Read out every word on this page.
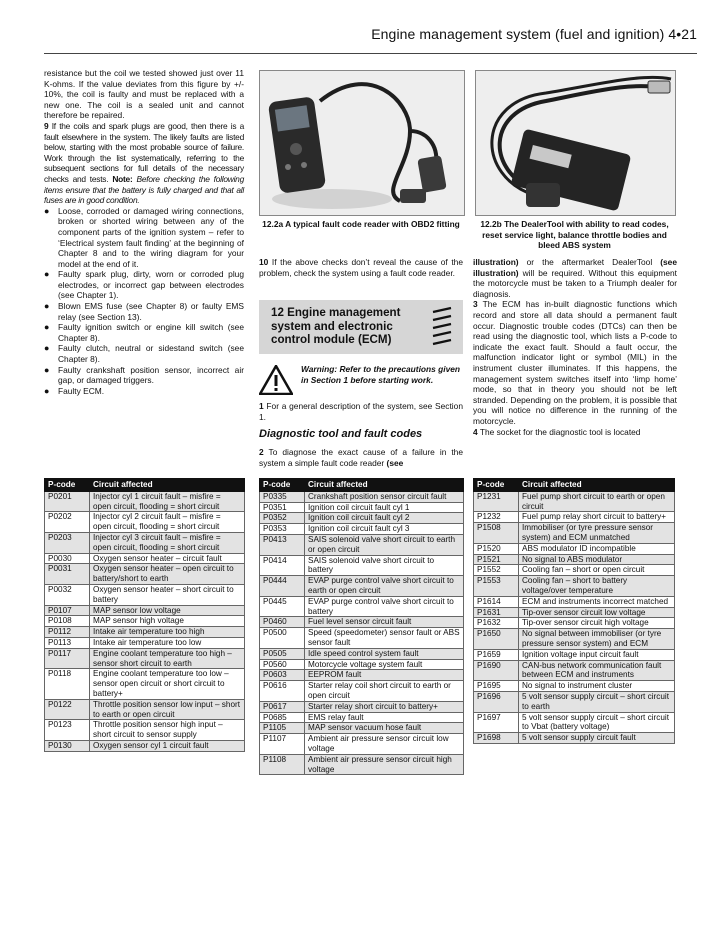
Engine management system (fuel and ignition) 4•21

resistance but the coil we tested showed just over 11 K-ohms. If the value deviates from this figure by +/- 10%, the coil is faulty and must be replaced with a new one. The coil is a sealed unit and cannot therefore be repaired.

9 If the coils and spark plugs are good, then there is a fault elsewhere in the system. The likely faults are listed below, starting with the most probable source of failure. Work through the list systematically, referring to the subsequent sections for full details of the necessary checks and tests. Note: Before checking the following items ensure that the battery is fully charged and that all fuses are in good condition.

●	Loose, corroded or damaged wiring connections, broken or shorted wiring between any of the component parts of the ignition system – refer to ‘Electrical system fault finding’ at the beginning of Chapter 8 and to the wiring diagram for your model at the end of it.
●	Faulty spark plug, dirty, worn or corroded plug electrodes, or incorrect gap between electrodes (see Chapter 1).
●	Blown EMS fuse (see Chapter 8) or faulty EMS relay (see Section 13).
●	Faulty ignition switch or engine kill switch (see Chapter 8).
●	Faulty clutch, neutral or sidestand switch (see Chapter 8).
●	Faulty crankshaft position sensor, incorrect air gap, or damaged triggers.
●	Faulty ECM.
12.2a A typical fault code reader with OBD2 fitting	12.2b The DealerTool with ability to read codes, reset service light, balance throttle bodies and bleed ABS system

10 If the above checks don’t reveal the cause of the problem, check the system using a fault code reader.

12 Engine management system and electronic control module (ECM)
Warning: Refer to the precautions given in Section 1 before starting work.

1 For a general description of the system, see Section 1.

Diagnostic tool and fault codes

2 To diagnose the exact cause of a failure in the system a simple fault code reader (see

illustration) or the aftermarket DealerTool (see illustration) will be required. Without this equipment the motorcycle must be taken to a Triumph dealer for diagnosis.

3 The ECM has in-built diagnostic functions which record and store all data should a permanent fault occur. Diagnostic trouble codes (DTCs) can then be read using the diagnostic tool, which lists a P-code to indicate the exact fault. Should a fault occur, the malfunction indicator light or symbol (MIL) in the instrument cluster illuminates. If this happens, the management system switches itself into ‘limp home’ mode, so that in theory you should not be left stranded. Depending on the problem, it is possible that you will notice no difference in the running of the motorcycle.

4 The socket for the diagnostic tool is located

P-code	Circuit affected
P0201	Injector cyl 1 circuit fault – misfire = open circuit, flooding = short circuit
P0202	Injector cyl 2 circuit fault – misfire = open circuit, flooding = short circuit
P0203	Injector cyl 3 circuit fault – misfire = open circuit, flooding = short circuit
P0030	Oxygen sensor heater – circuit fault
P0031	Oxygen sensor heater – open circuit to battery/short to earth
P0032	Oxygen sensor heater – short circuit to battery
P0107	MAP sensor low voltage
P0108	MAP sensor high voltage
P0112	Intake air temperature too high
P0113	Intake air temperature too low
P0117	Engine coolant temperature too high – sensor short circuit to earth
P0118	Engine coolant temperature too low – sensor open circuit or short circuit to battery+
P0122	Throttle position sensor low input – short to earth or open circuit
P0123	Throttle position sensor high input – short circuit to sensor supply
P0130	Oxygen sensor cyl 1 circuit fault
P-code	Circuit affected
P0335	Crankshaft position sensor circuit fault
P0351	Ignition coil circuit fault cyl 1
P0352	Ignition coil circuit fault cyl 2
P0353	Ignition coil circuit fault cyl 3
P0413	SAIS solenoid valve short circuit to earth or open circuit
P0414	SAIS solenoid valve short circuit to battery
P0444	EVAP purge control valve short circuit to earth or open circuit
P0445	EVAP purge control valve short circuit to battery
P0460	Fuel level sensor circuit fault
P0500	Speed (speedometer) sensor fault or ABS sensor fault
P0505	Idle speed control system fault
P0560	Motorcycle voltage system fault
P0603	EEPROM fault
P0616	Starter relay coil short circuit to earth or open circuit
P0617	Starter relay short circuit to battery+
P0685	EMS relay fault
P1105	MAP sensor vacuum hose fault
P1107	Ambient air pressure sensor circuit low voltage
P1108	Ambient air pressure sensor circuit high voltage
P-code	Circuit affected
P1231	Fuel pump short circuit to earth or open circuit
P1232	Fuel pump relay short circuit to battery+
P1508	Immobiliser (or tyre pressure sensor system) and ECM unmatched
P1520	ABS modulator ID incompatible
P1521	No signal to ABS modulator
P1552	Cooling fan – short or open circuit
P1553	Cooling fan – short to battery voltage/over temperature
P1614	ECM and instruments incorrect matched
P1631	Tip-over sensor circuit low voltage
P1632	Tip-over sensor circuit high voltage
P1650	No signal between immobiliser (or tyre pressure sensor system) and ECM
P1659	Ignition voltage input circuit fault
P1690	CAN-bus network communication fault between ECM and instruments
P1695	No signal to instrument cluster
P1696	5 volt sensor supply circuit – short circuit to earth
P1697	5 volt sensor supply circuit – short circuit to Vbat (battery voltage)
P1698	5 volt sensor supply circuit fault
